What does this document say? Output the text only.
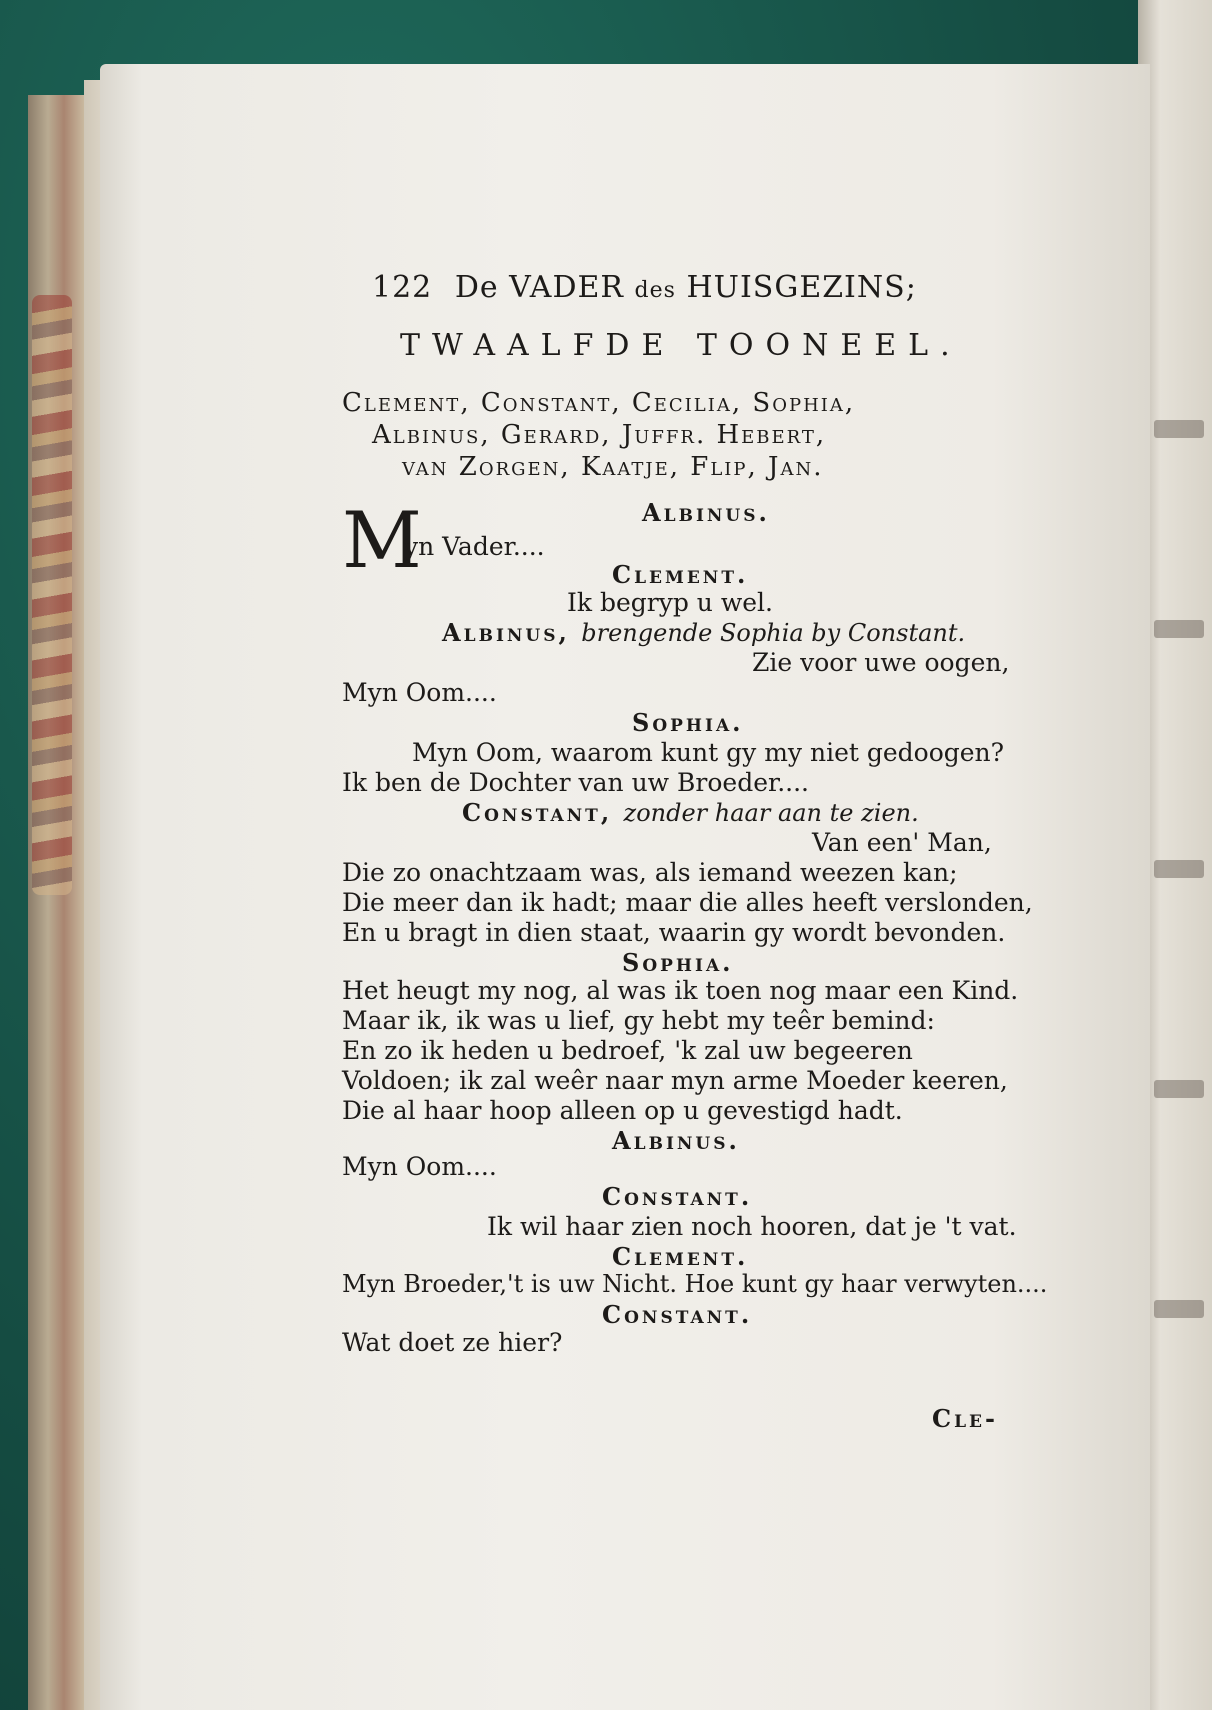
122 De VADER des HUISGEZINS;
TWAALFDE TOONEEL.
Clement, Constant, Cecilia, Sophia,
Albinus, Gerard, Juffr. Hebert,
van Zorgen, Kaatje, Flip, Jan.
Albinus.
M
yn Vader....
Clement.
Ik begryp u wel.
Albinus, brengende Sophia by Constant.
Zie voor uwe oogen,
Myn Oom....
Sophia.
Myn Oom, waarom kunt gy my niet gedoogen?
Ik ben de Dochter van uw Broeder....
Constant, zonder haar aan te zien.
Van een' Man,
Die zo onachtzaam was, als iemand weezen kan;
Die meer dan ik hadt; maar die alles heeft verslonden,
En u bragt in dien staat, waarin gy wordt bevonden.
Sophia.
Het heugt my nog, al was ik toen nog maar een Kind.
Maar ik, ik was u lief, gy hebt my teêr bemind:
En zo ik heden u bedroef, 'k zal uw begeeren
Voldoen; ik zal weêr naar myn arme Moeder keeren,
Die al haar hoop alleen op u gevestigd hadt.
Albinus.
Myn Oom....
Constant.
Ik wil haar zien noch hooren, dat je 't vat.
Clement.
Myn Broeder,'t is uw Nicht. Hoe kunt gy haar verwyten....
Constant.
Wat doet ze hier?
Cle-
